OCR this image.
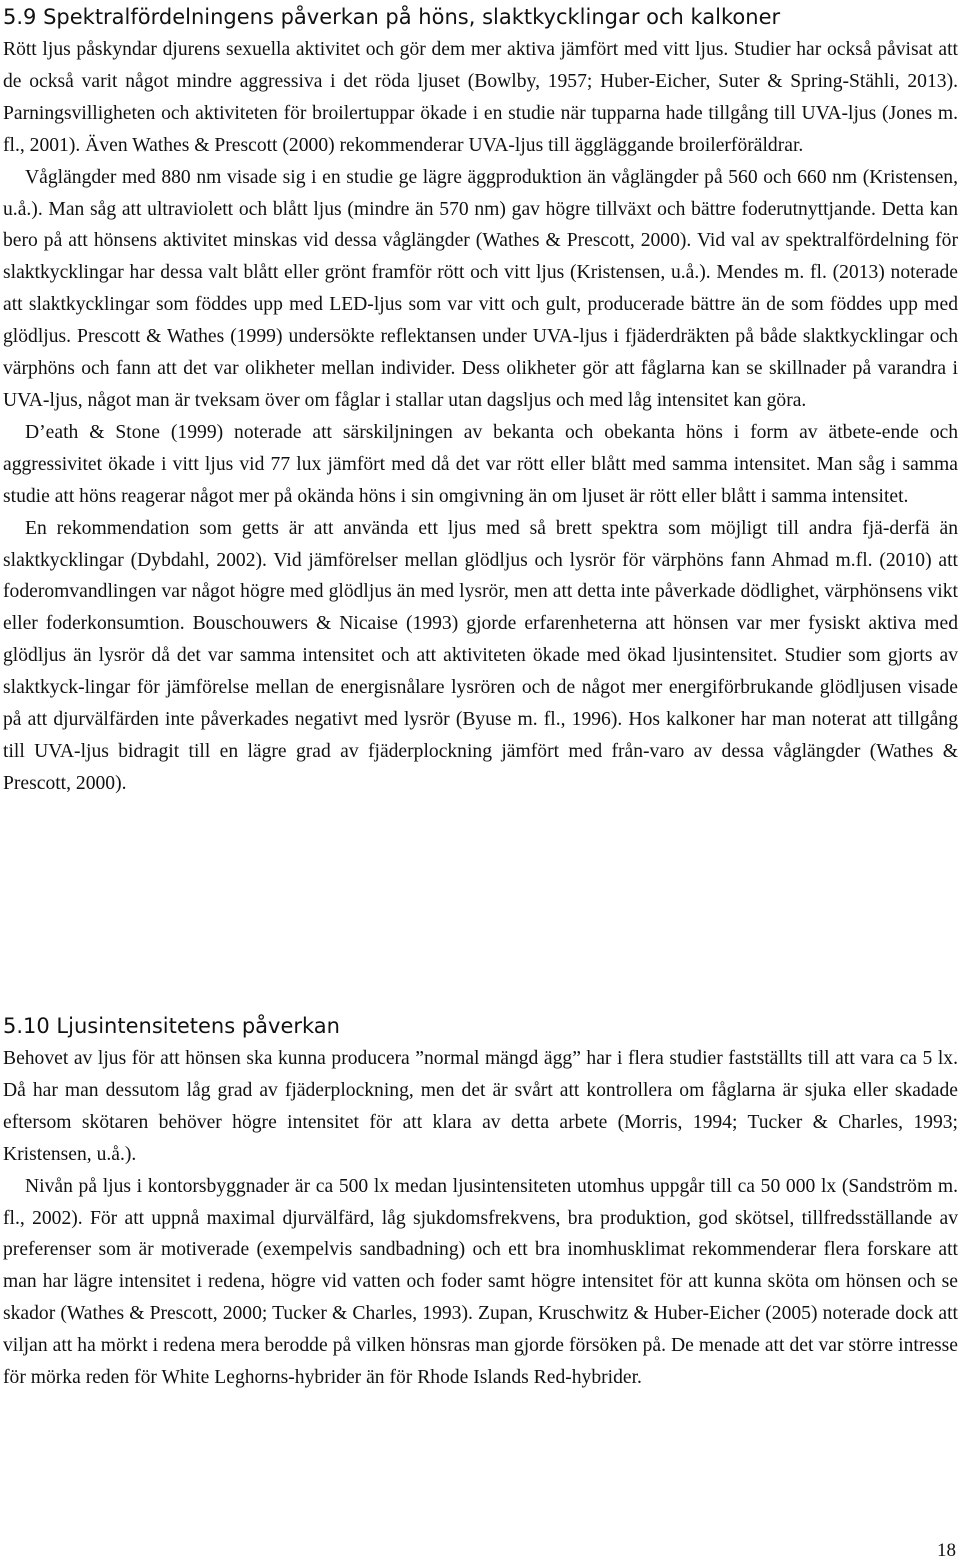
5.9 Spektralfördelningens påverkan på höns, slaktkycklingar och kalkoner

Rött ljus påskyndar djurens sexuella aktivitet och gör dem mer aktiva jämfört med vitt ljus. Studier har också påvisat att de också varit något mindre aggressiva i det röda ljuset (Bowlby, 1957; Huber-Eicher, Suter & Spring-Stähli, 2013). Parningsvilligheten och aktiviteten för broilertuppar ökade i en studie när tupparna hade tillgång till UVA-ljus (Jones m. fl., 2001). Även Wathes & Prescott (2000) rekommenderar UVA-ljus till äggläggande broilerföräldrar.

Våglängder med 880 nm visade sig i en studie ge lägre äggproduktion än våglängder på 560 och 660 nm (Kristensen, u.å.). Man såg att ultraviolett och blått ljus (mindre än 570 nm) gav högre tillväxt och bättre foderutnyttjande. Detta kan bero på att hönsens aktivitet minskas vid dessa våglängder (Wathes & Prescott, 2000). Vid val av spektralfördelning för slaktkycklingar har dessa valt blått eller grönt framför rött och vitt ljus (Kristensen, u.å.). Mendes m. fl. (2013) noterade att slaktkycklingar som föddes upp med LED-ljus som var vitt och gult, producerade bättre än de som föddes upp med glödljus. Prescott & Wathes (1999) undersökte reflektansen under UVA-ljus i fjäderdräkten på både slaktkycklingar och värphöns och fann att det var olikheter mellan individer. Dess olikheter gör att fåglarna kan se skillnader på varandra i UVA-ljus, något man är tveksam över om fåglar i stallar utan dagsljus och med låg intensitet kan göra.

D’eath & Stone (1999) noterade att särskiljningen av bekanta och obekanta höns i form av ätbete-ende och aggressivitet ökade i vitt ljus vid 77 lux jämfört med då det var rött eller blått med samma intensitet. Man såg i samma studie att höns reagerar något mer på okända höns i sin omgivning än om ljuset är rött eller blått i samma intensitet.

En rekommendation som getts är att använda ett ljus med så brett spektra som möjligt till andra fjä-derfä än slaktkycklingar (Dybdahl, 2002). Vid jämförelser mellan glödljus och lysrör för värphöns fann Ahmad m.fl. (2010) att foderomvandlingen var något högre med glödljus än med lysrör, men att detta inte påverkade dödlighet, värphönsens vikt eller foderkonsumtion. Bouschouwers & Nicaise (1993) gjorde erfarenheterna att hönsen var mer fysiskt aktiva med glödljus än lysrör då det var samma intensitet och att aktiviteten ökade med ökad ljusintensitet. Studier som gjorts av slaktkyck-lingar för jämförelse mellan de energisnålare lysrören och de något mer energiförbrukande glödljusen visade på att djurvälfärden inte påverkades negativt med lysrör (Byuse m. fl., 1996). Hos kalkoner har man noterat att tillgång till UVA-ljus bidragit till en lägre grad av fjäderplockning jämfört med från-varo av dessa våglängder (Wathes & Prescott, 2000).

5.10 Ljusintensitetens påverkan

Behovet av ljus för att hönsen ska kunna producera ”normal mängd ägg” har i flera studier fastställts till att vara ca 5 lx. Då har man dessutom låg grad av fjäderplockning, men det är svårt att kontrollera om fåglarna är sjuka eller skadade eftersom skötaren behöver högre intensitet för att klara av detta arbete (Morris, 1994; Tucker & Charles, 1993; Kristensen, u.å.).

Nivån på ljus i kontorsbyggnader är ca 500 lx medan ljusintensiteten utomhus uppgår till ca 50 000 lx (Sandström m. fl., 2002). För att uppnå maximal djurvälfärd, låg sjukdomsfrekvens, bra produktion, god skötsel, tillfredsställande av preferenser som är motiverade (exempelvis sandbadning) och ett bra inomhusklimat rekommenderar flera forskare att man har lägre intensitet i redena, högre vid vatten och foder samt högre intensitet för att kunna sköta om hönsen och se skador (Wathes & Prescott, 2000; Tucker & Charles, 1993). Zupan, Kruschwitz & Huber-Eicher (2005) noterade dock att viljan att ha mörkt i redena mera berodde på vilken hönsras man gjorde försöken på. De menade att det var större intresse för mörka reden för White Leghorns-hybrider än för Rhode Islands Red-hybrider.

18
